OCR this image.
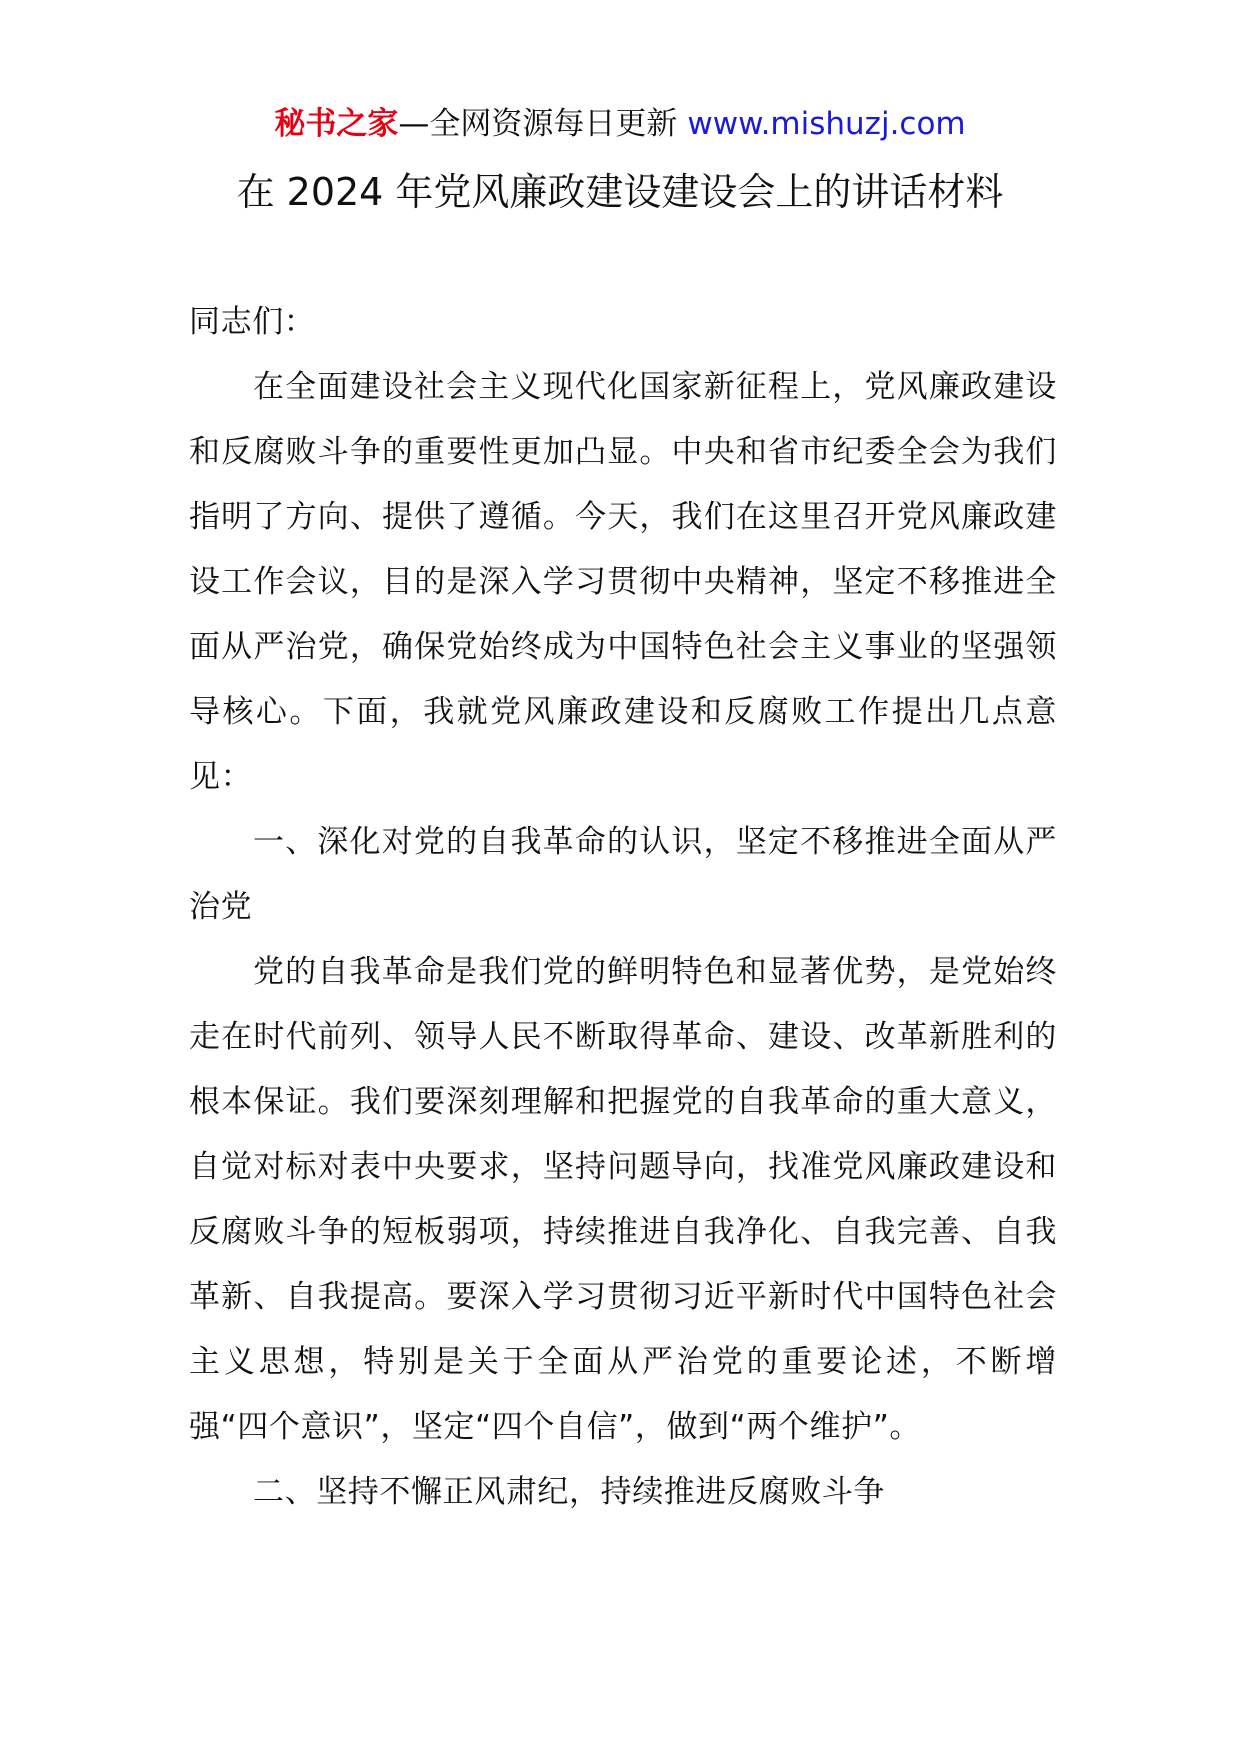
秘书之家—全网资源每日更新 www.mishuzj.com
在 2024 年党风廉政建设建设会上的讲话材料

同志们：

在全面建设社会主义现代化国家新征程上，党风廉政建设和反腐败斗争的重要性更加凸显。中央和省市纪委全会为我们指明了方向、提供了遵循。今天，我们在这里召开党风廉政建设工作会议，目的是深入学习贯彻中央精神，坚定不移推进全面从严治党，确保党始终成为中国特色社会主义事业的坚强领导核心。下面，我就党风廉政建设和反腐败工作提出几点意见：

一、深化对党的自我革命的认识，坚定不移推进全面从严治党

党的自我革命是我们党的鲜明特色和显著优势，是党始终走在时代前列、领导人民不断取得革命、建设、改革新胜利的根本保证。我们要深刻理解和把握党的自我革命的重大意义，自觉对标对表中央要求，坚持问题导向，找准党风廉政建设和反腐败斗争的短板弱项，持续推进自我净化、自我完善、自我革新、自我提高。要深入学习贯彻习近平新时代中国特色社会主义思想，特别是关于全面从严治党的重要论述，不断增强“四个意识”，坚定“四个自信”，做到“两个维护”。

二、坚持不懈正风肃纪，持续推进反腐败斗争
